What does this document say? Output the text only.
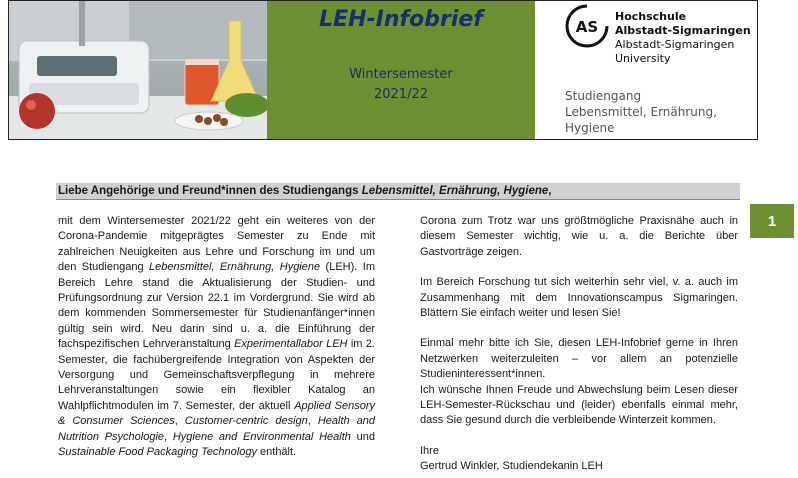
LEH-Infobrief
Wintersemester
2021/22
AS
Hochschule
Albstadt-Sigmaringen
Albstadt-Sigmaringen University
Studiengang
Lebensmittel, Ernährung, Hygiene
1
Liebe Angehörige und Freund*innen des Studiengangs Lebensmittel, Ernährung, Hygiene,

mit dem Wintersemester 2021/22 geht ein weiteres von der Corona-Pandemie mitgeprägtes Semester zu Ende mit zahlreichen Neuigkeiten aus Lehre und Forschung im und um den Studiengang Lebensmittel, Ernährung, Hygiene (LEH). Im Bereich Lehre stand die Aktualisierung der Studien- und Prüfungsordnung zur Version 22.1 im Vordergrund. Sie wird ab dem kommenden Sommersemester für Studienanfänger*innen gültig sein wird. Neu darin sind u. a. die Einführung der fachspezifischen Lehrveranstaltung Experimentallabor LEH im 2. Semester, die fachübergreifende Integration von Aspekten der Versorgung und Gemeinschaftsverpflegung in mehrere Lehrveranstaltungen sowie ein flexibler Katalog an Wahlpflichtmodulen im 7. Semester, der aktuell Applied Sensory & Consumer Sciences, Customer-centric design, Health and Nutrition Psychologie, Hygiene and Environmental Health und Sustainable Food Packaging Technology enthält.

Corona zum Trotz war uns größtmögliche Praxisnähe auch in diesem Semester wichtig, wie u. a. die Berichte über Gastvorträge zeigen.

Im Bereich Forschung tut sich weiterhin sehr viel, v. a. auch im Zusammenhang mit dem Innovationscampus Sigmaringen. Blättern Sie einfach weiter und lesen Sie!

Einmal mehr bitte ich Sie, diesen LEH-Infobrief gerne in Ihren Netzwerken weiterzuleiten – vor allem an potenzielle Studieninteressent*innen.

Ich wünsche Ihnen Freude und Abwechslung beim Lesen dieser LEH-Semester-Rückschau und (leider) ebenfalls einmal mehr, dass Sie gesund durch die verbleibende Winterzeit kommen.

Ihre

Gertrud Winkler, Studiendekanin LEH
